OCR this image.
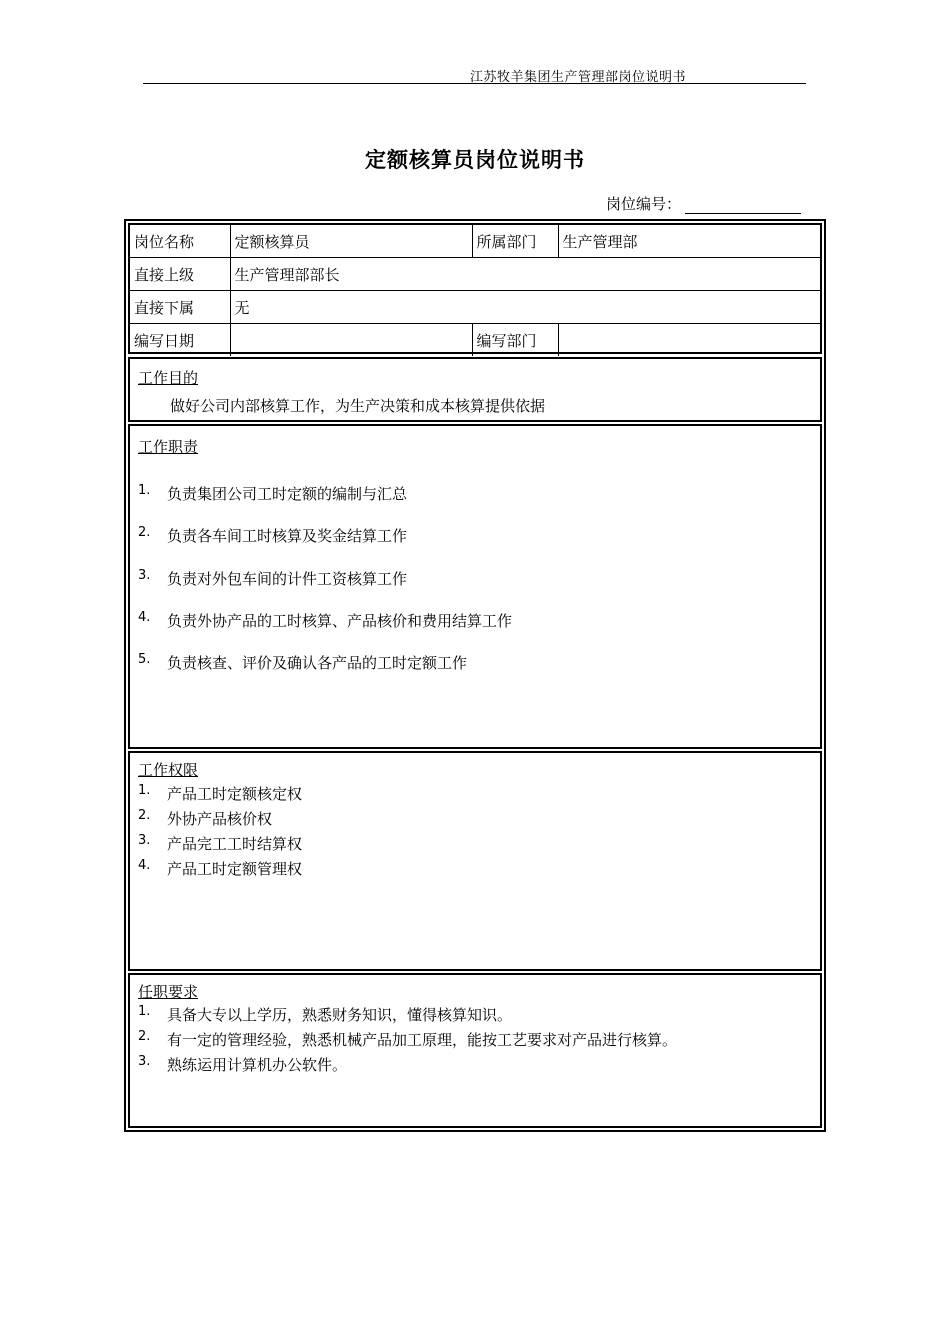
江苏牧羊集团生产管理部岗位说明书
定额核算员岗位说明书
岗位编号：
岗位名称	定额核算员	所属部门	生产管理部
直接上级	生产管理部部长		
直接下属	无		
编写日期		编写部门	
工作目的
做好公司内部核算工作，为生产决策和成本核算提供依据
工作职责
1.	负责集团公司工时定额的编制与汇总
2.	负责各车间工时核算及奖金结算工作
3.	负责对外包车间的计件工资核算工作
4.	负责外协产品的工时核算、产品核价和费用结算工作
5.	负责核查、评价及确认各产品的工时定额工作
工作权限
1.	产品工时定额核定权
2.	外协产品核价权
3.	产品完工工时结算权
4.	产品工时定额管理权
任职要求
1.	具备大专以上学历，熟悉财务知识，懂得核算知识。
2.	有一定的管理经验，熟悉机械产品加工原理，能按工艺要求对产品进行核算。
3.	熟练运用计算机办公软件。
